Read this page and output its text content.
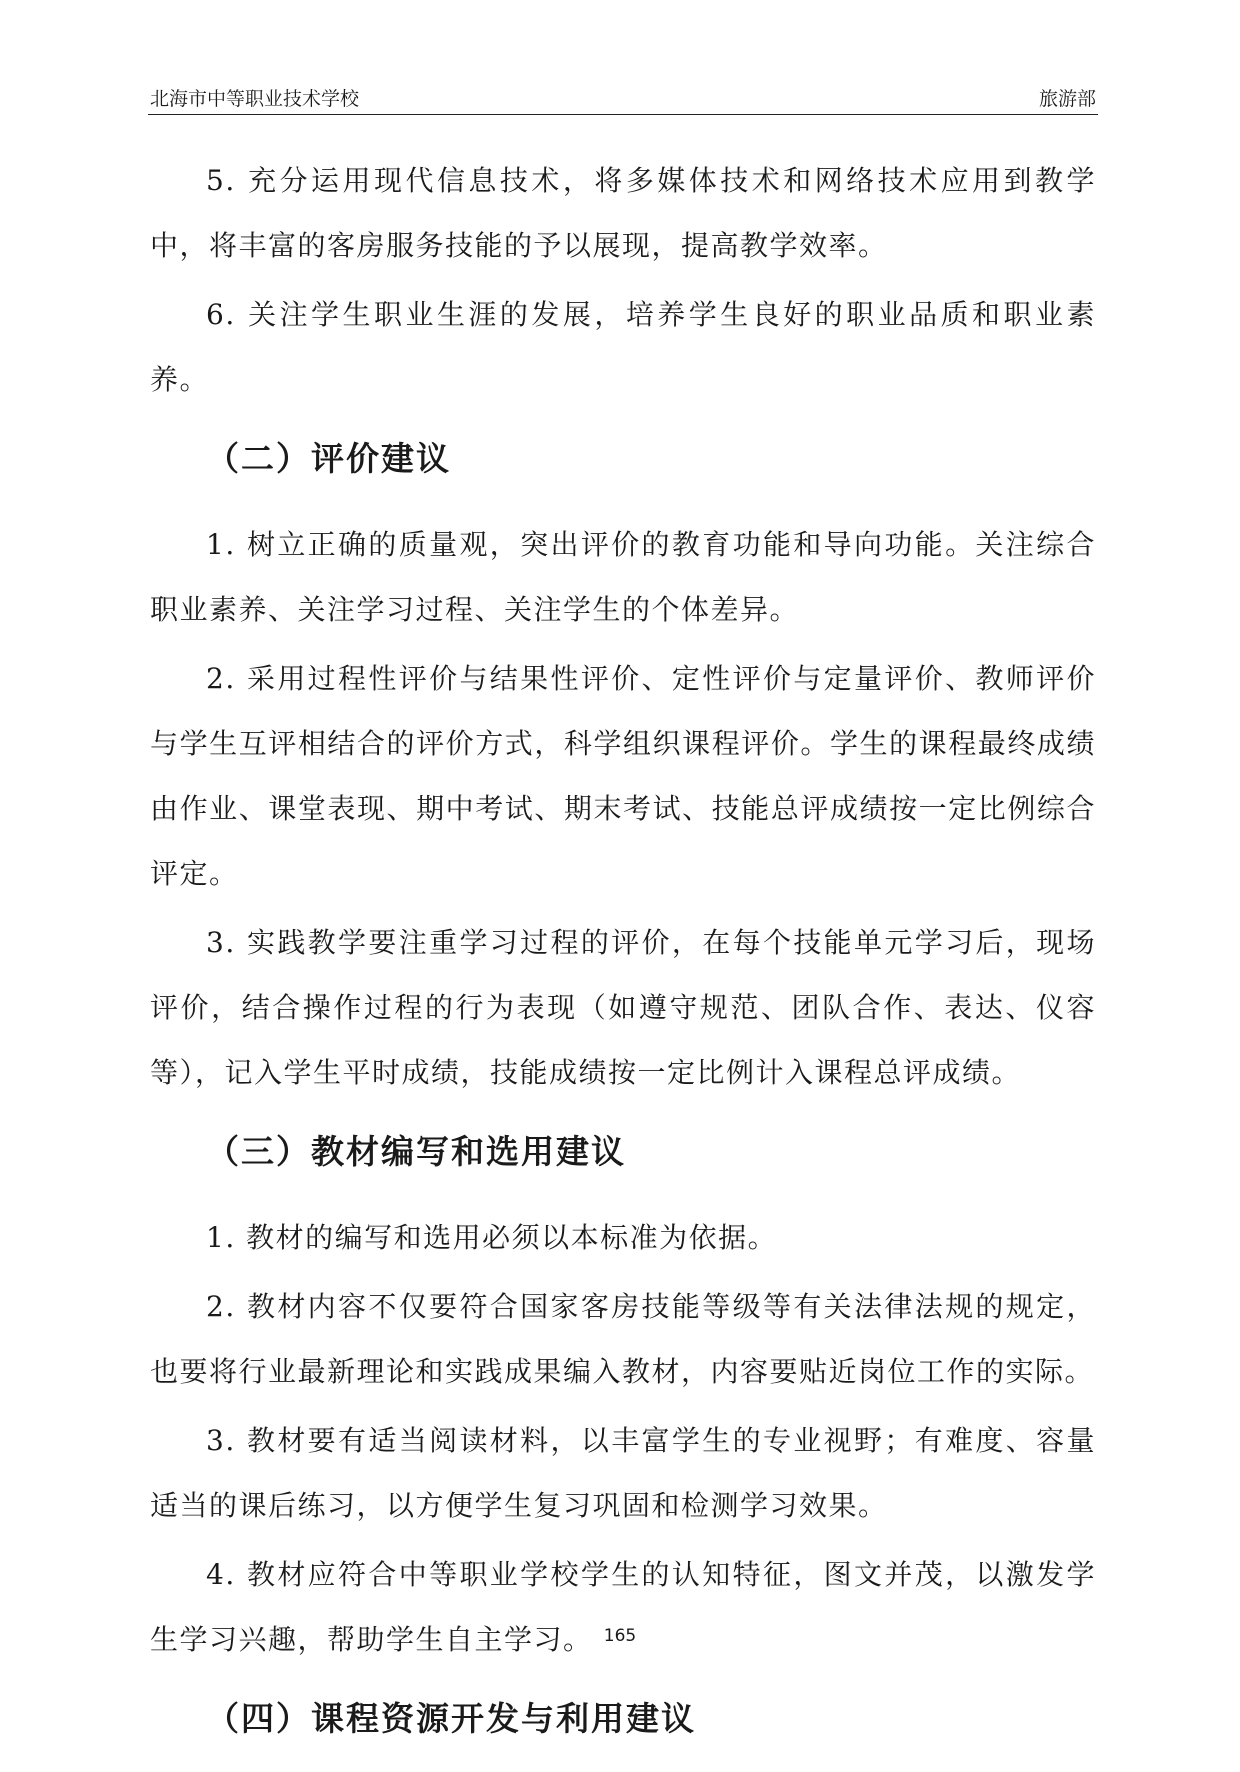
北海市中等职业技术学校	旅游部

5. 充分运用现代信息技术，将多媒体技术和网络技术应用到教学中，将丰富的客房服务技能的予以展现，提高教学效率。

6. 关注学生职业生涯的发展，培养学生良好的职业品质和职业素养。

（二）评价建议

1. 树立正确的质量观，突出评价的教育功能和导向功能。关注综合职业素养、关注学习过程、关注学生的个体差异。

2. 采用过程性评价与结果性评价、定性评价与定量评价、教师评价与学生互评相结合的评价方式，科学组织课程评价。学生的课程最终成绩由作业、课堂表现、期中考试、期末考试、技能总评成绩按一定比例综合评定。

3. 实践教学要注重学习过程的评价，在每个技能单元学习后，现场评价，结合操作过程的行为表现（如遵守规范、团队合作、表达、仪容等），记入学生平时成绩，技能成绩按一定比例计入课程总评成绩。

（三）教材编写和选用建议

1. 教材的编写和选用必须以本标准为依据。

2. 教材内容不仅要符合国家客房技能等级等有关法律法规的规定，也要将行业最新理论和实践成果编入教材，内容要贴近岗位工作的实际。

3. 教材要有适当阅读材料，以丰富学生的专业视野；有难度、容量适当的课后练习，以方便学生复习巩固和检测学习效果。

4. 教材应符合中等职业学校学生的认知特征，图文并茂，以激发学生学习兴趣，帮助学生自主学习。

（四）课程资源开发与利用建议
165
